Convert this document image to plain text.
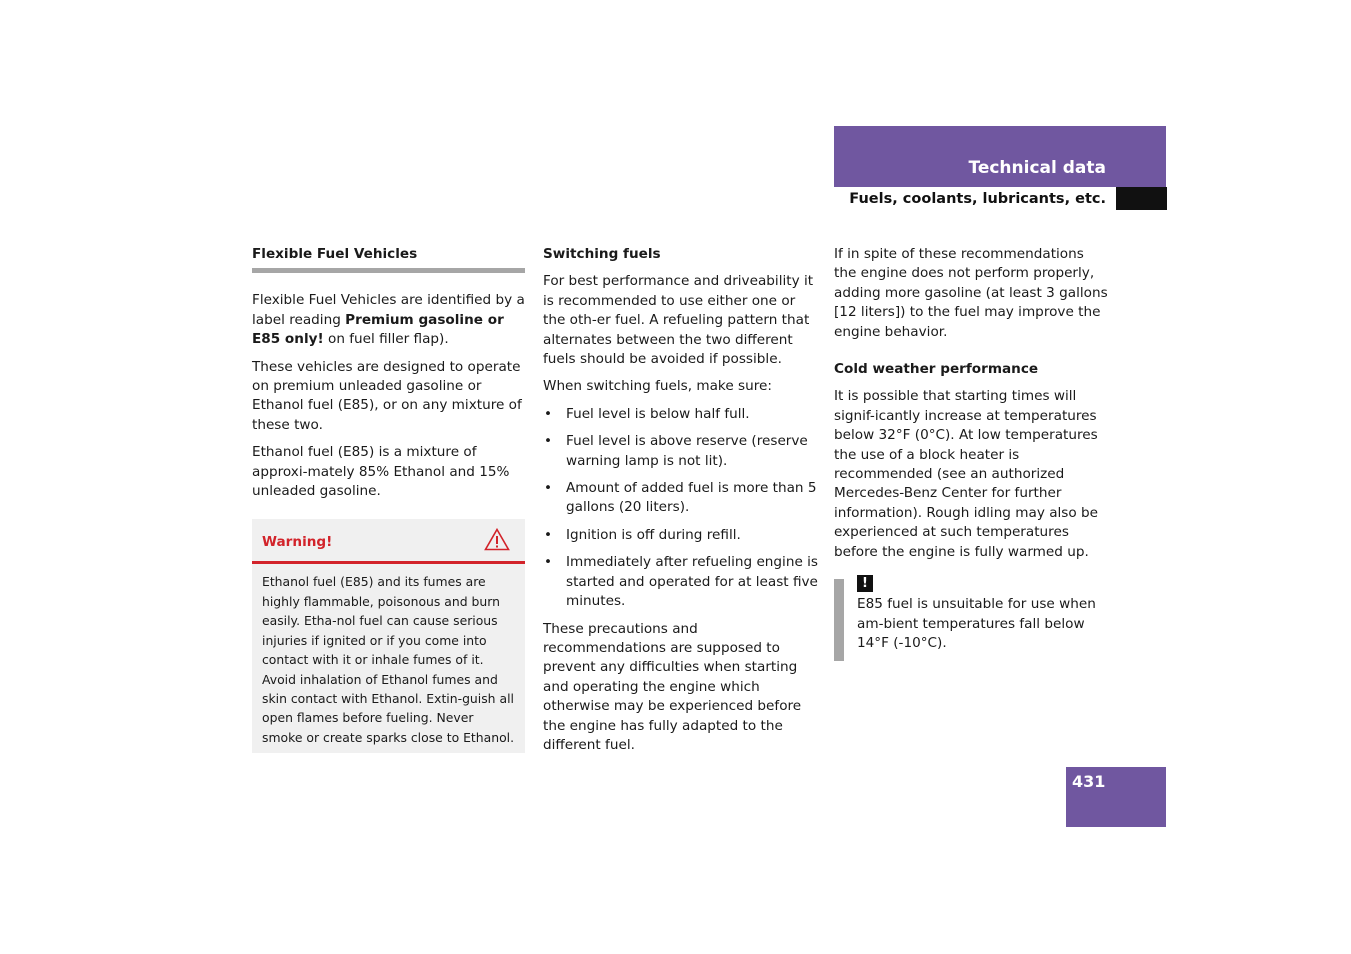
Technical data
Fuels, coolants, lubricants, etc.
Flexible Fuel Vehicles

Flexible Fuel Vehicles are identified by a label reading Premium gasoline or E85 only! on fuel filler flap).

These vehicles are designed to operate on premium unleaded gasoline or Ethanol fuel (E85), or on any mixture of these two.

Ethanol fuel (E85) is a mixture of approxi-mately 85% Ethanol and 15% unleaded gasoline.

Warning!
Ethanol fuel (E85) and its fumes are highly flammable, poisonous and burn easily. Etha-nol fuel can cause serious injuries if ignited or if you come into contact with it or inhale fumes of it. Avoid inhalation of Ethanol fumes and skin contact with Ethanol. Extin-guish all open flames before fueling. Never smoke or create sparks close to Ethanol.
Switching fuels

For best performance and driveability it is recommended to use either one or the oth-er fuel. A refueling pattern that alternates between the two different fuels should be avoided if possible.

When switching fuels, make sure:

• Fuel level is below half full.
• Fuel level is above reserve (reserve warning lamp is not lit).
• Amount of added fuel is more than 5 gallons (20 liters).
• Ignition is off during refill.
• Immediately after refueling engine is started and operated for at least five minutes.

These precautions and recommendations are supposed to prevent any difficulties when starting and operating the engine which otherwise may be experienced before the engine has fully adapted to the different fuel.

If in spite of these recommendations the engine does not perform properly, adding more gasoline (at least 3 gallons [12 liters]) to the fuel may improve the engine behavior.

Cold weather performance

It is possible that starting times will signif-icantly increase at temperatures below 32°F (0°C). At low temperatures the use of a block heater is recommended (see an authorized Mercedes-Benz Center for further information). Rough idling may also be experienced at such temperatures before the engine is fully warmed up.

!
E85 fuel is unsuitable for use when am-bient temperatures fall below 14°F (-10°C).
431
